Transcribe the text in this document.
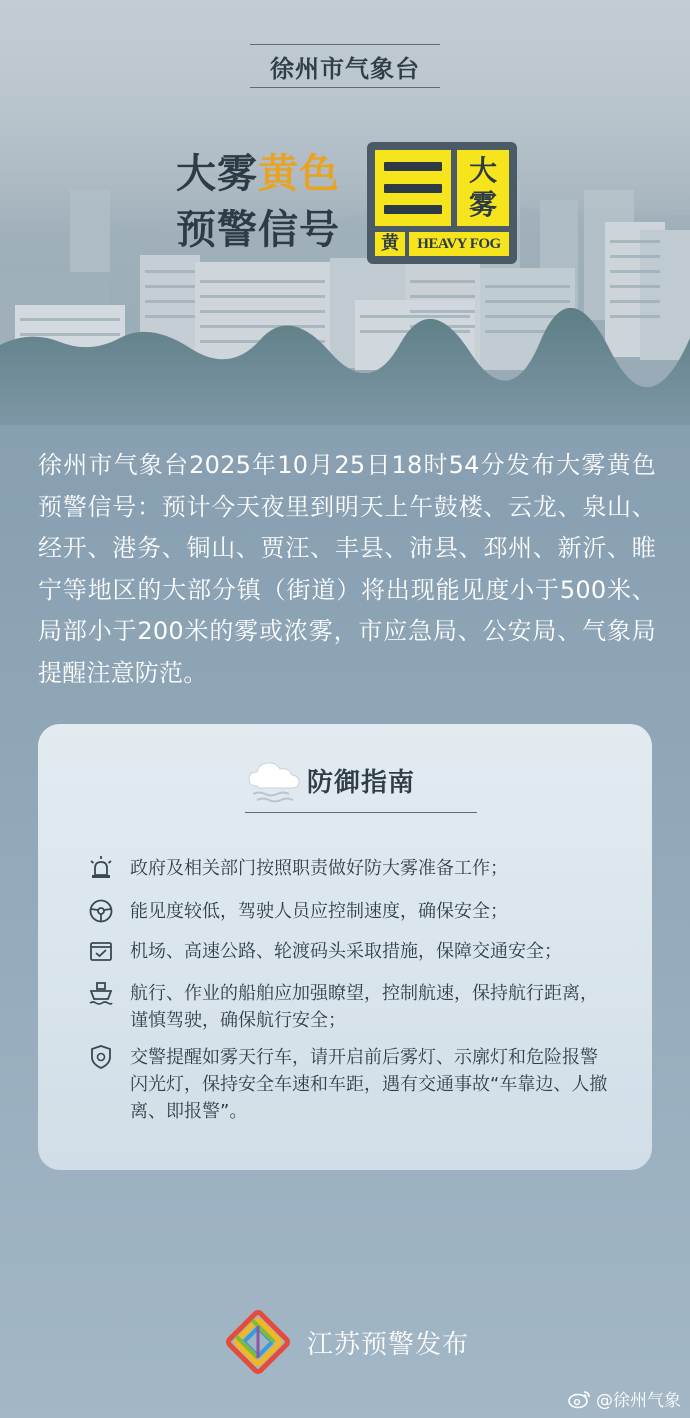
徐州市气象台
大雾黄色
预警信号
大
雾
黄	HEAVY FOG
徐州市气象台2025年10月25日18时54分发布大雾黄色预警信号：预计今天夜里到明天上午鼓楼、云龙、泉山、经开、港务、铜山、贾汪、丰县、沛县、邳州、新沂、睢宁等地区的大部分镇（街道）将出现能见度小于500米、局部小于200米的雾或浓雾，市应急局、公安局、气象局提醒注意防范。
防御指南
政府及相关部门按照职责做好防大雾准备工作；
能见度较低，驾驶人员应控制速度，确保安全；
机场、高速公路、轮渡码头采取措施，保障交通安全；
航行、作业的船舶应加强瞭望，控制航速，保持航行距离，谨慎驾驶，确保航行安全；
交警提醒如雾天行车，请开启前后雾灯、示廓灯和危险报警闪光灯，保持安全车速和车距，遇有交通事故“车靠边、人撤离、即报警”。
江苏预警发布
@徐州气象
